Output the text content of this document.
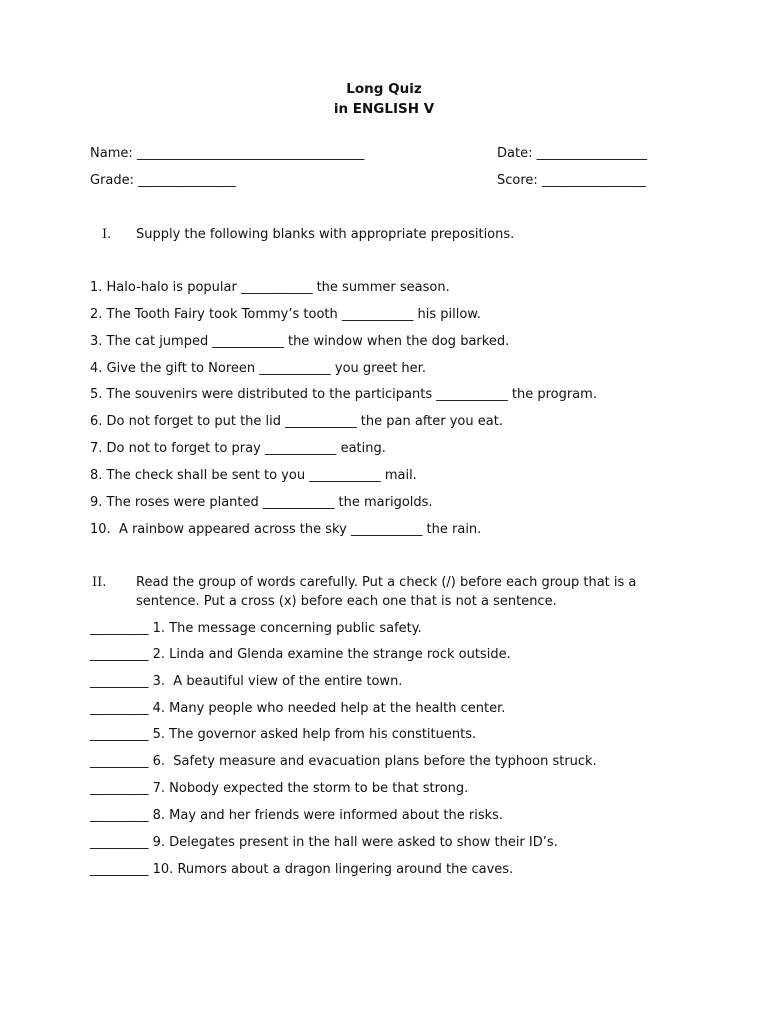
Long Quiz
in ENGLISH V
Name: ___________________________________	Date: _________________
Grade: _______________	Score: ________________
I. Supply the following blanks with appropriate prepositions.
1. Halo-halo is popular ___________ the summer season.
2. The Tooth Fairy took Tommy’s tooth ___________ his pillow.
3. The cat jumped ___________ the window when the dog barked.
4. Give the gift to Noreen ___________ you greet her.
5. The souvenirs were distributed to the participants ___________ the program.
6. Do not forget to put the lid ___________ the pan after you eat.
7. Do not to forget to pray ___________ eating.
8. The check shall be sent to you ___________ mail.
9. The roses were planted ___________ the marigolds.
10.  A rainbow appeared across the sky ___________ the rain.
II. Read the group of words carefully. Put a check (/) before each group that is a
sentence. Put a cross (x) before each one that is not a sentence.
_________ 1. The message concerning public safety.
_________ 2. Linda and Glenda examine the strange rock outside.
_________ 3.  A beautiful view of the entire town.
_________ 4. Many people who needed help at the health center.
_________ 5. The governor asked help from his constituents.
_________ 6.  Safety measure and evacuation plans before the typhoon struck.
_________ 7. Nobody expected the storm to be that strong.
_________ 8. May and her friends were informed about the risks.
_________ 9. Delegates present in the hall were asked to show their ID’s.
_________ 10. Rumors about a dragon lingering around the caves.
